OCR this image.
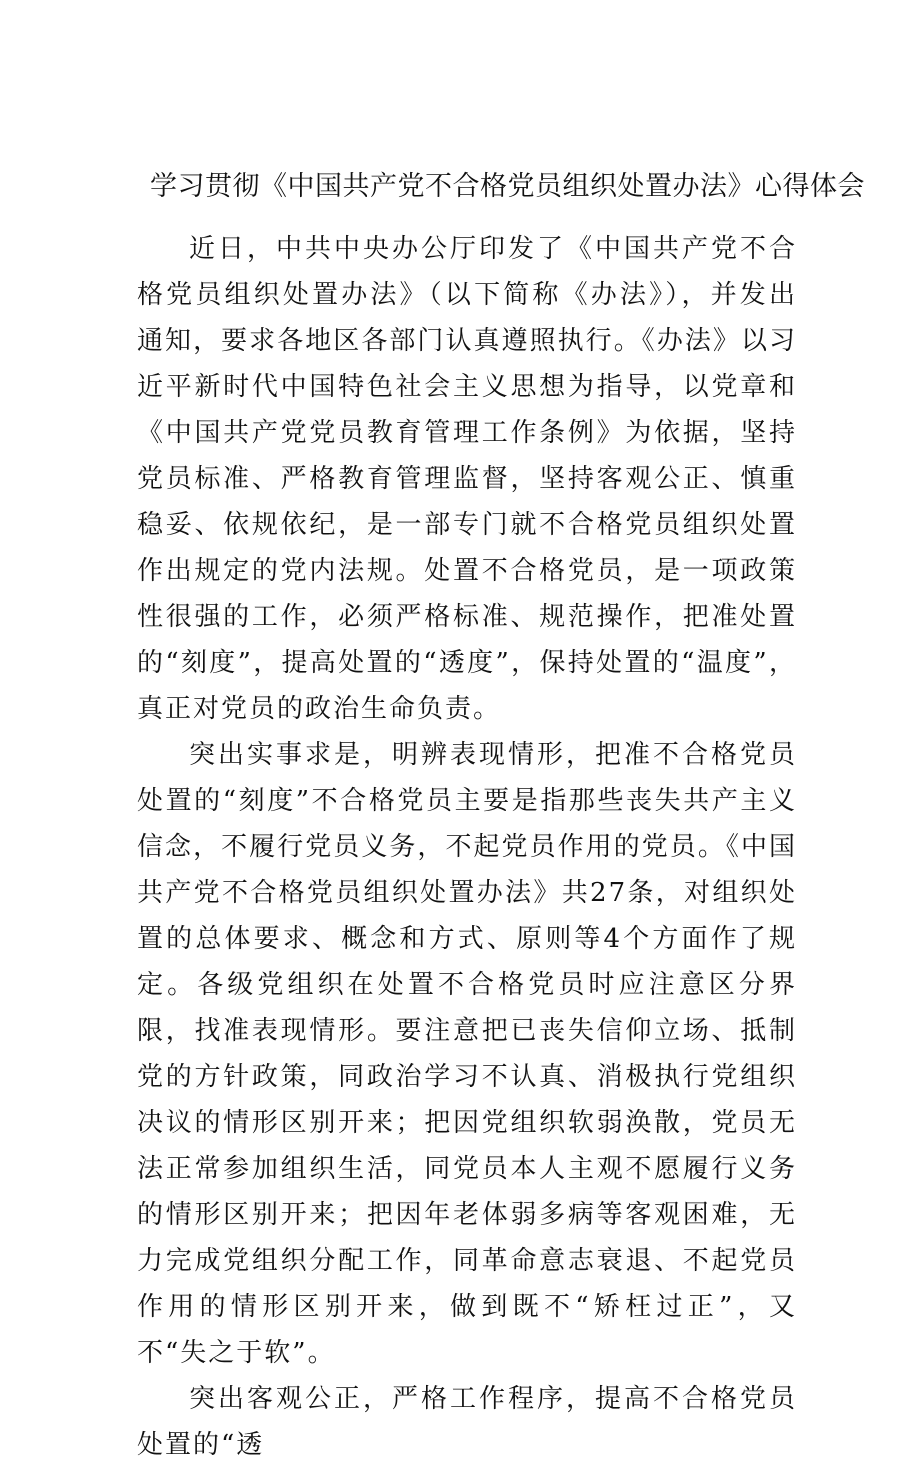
学习贯彻《中国共产党不合格党员组织处置办法》心得体会

近日，中共中央办公厅印发了《中国共产党不合格党员组织处置办法》（以下简称《办法》），并发出通知，要求各地区各部门认真遵照执行。《办法》以习近平新时代中国特色社会主义思想为指导，以党章和《中国共产党党员教育管理工作条例》为依据，坚持党员标准、严格教育管理监督，坚持客观公正、慎重稳妥、依规依纪，是一部专门就不合格党员组织处置作出规定的党内法规。处置不合格党员，是一项政策性很强的工作，必须严格标准、规范操作，把准处置的“刻度”，提高处置的“透度”，保持处置的“温度”，真正对党员的政治生命负责。

突出实事求是，明辨表现情形，把准不合格党员处置的“刻度”不合格党员主要是指那些丧失共产主义信念，不履行党员义务，不起党员作用的党员。《中国共产党不合格党员组织处置办法》共27条，对组织处置的总体要求、概念和方式、原则等4个方面作了规定。各级党组织在处置不合格党员时应注意区分界限，找准表现情形。要注意把已丧失信仰立场、抵制党的方针政策，同政治学习不认真、消极执行党组织决议的情形区别开来；把因党组织软弱涣散，党员无法正常参加组织生活，同党员本人主观不愿履行义务的情形区别开来；把因年老体弱多病等客观困难，无力完成党组织分配工作，同革命意志衰退、不起党员作用的情形区别开来，做到既不“矫枉过正”，又不“失之于软”。

突出客观公正，严格工作程序，提高不合格党员处置的“透
